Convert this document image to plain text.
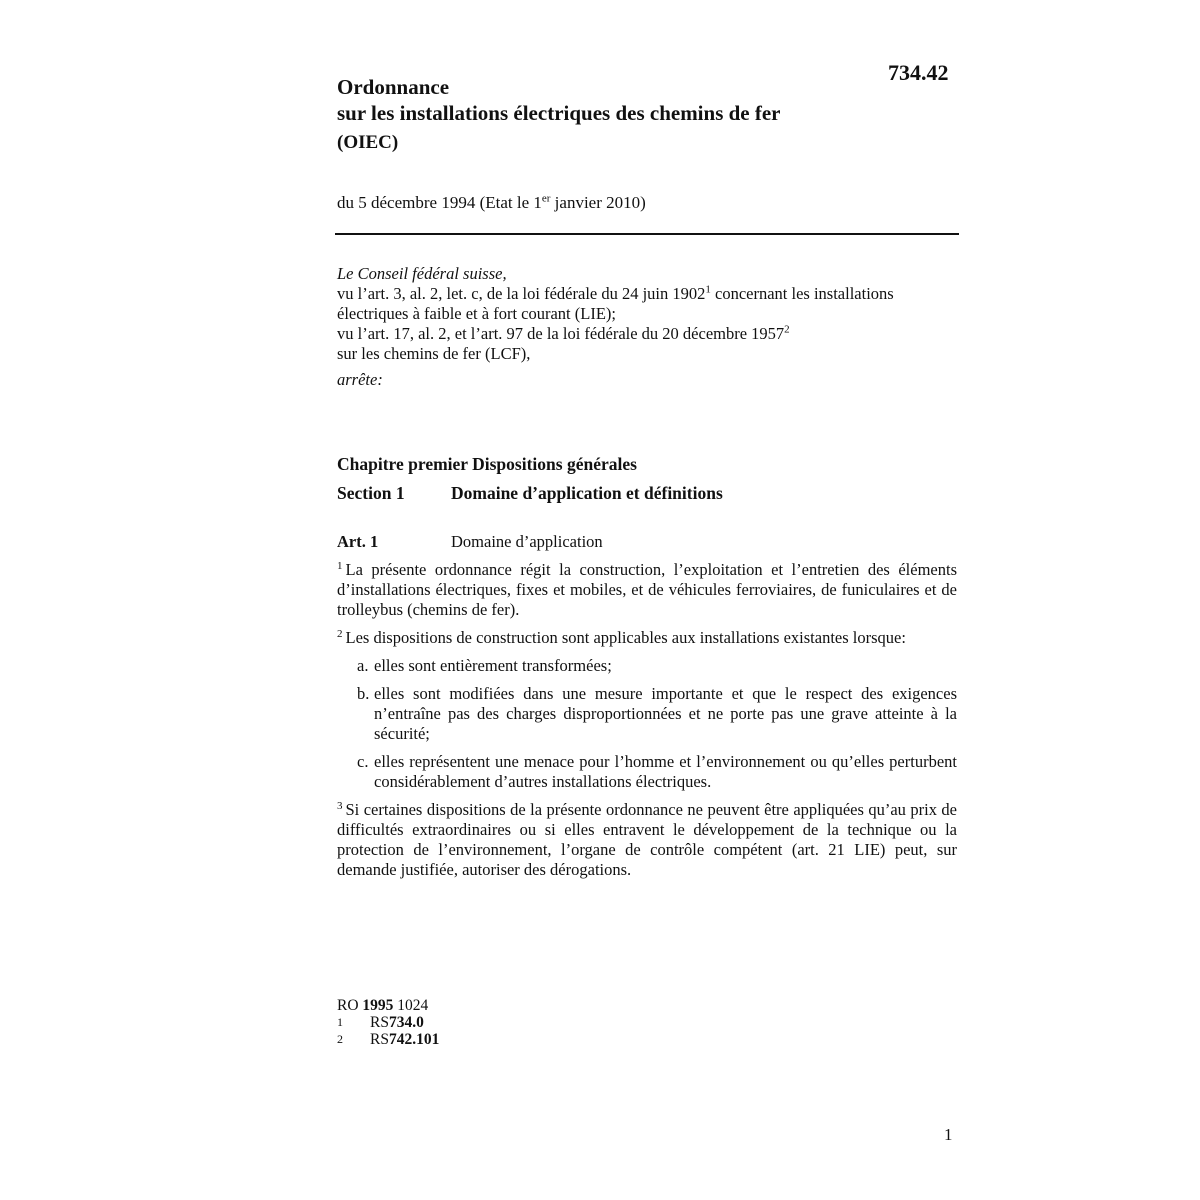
734.42
Ordonnance
sur les installations électriques des chemins de fer
(OIEC)
du 5 décembre 1994 (Etat le 1er janvier 2010)

Le Conseil fédéral suisse,

vu l’art. 3, al. 2, let. c, de la loi fédérale du 24 juin 1902$^1$ concernant les installations électriques à faible et à fort courant (LIE);

vu l’art. 17, al. 2, et l’art. 97 de la loi fédérale du 20 décembre 1957$^2$
sur les chemins de fer (LCF),

arrête:

Chapitre premier Dispositions générales
Section 1	Domaine d’application et définitions
Art. 1	Domaine d’application

$^1$ La présente ordonnance régit la construction, l’exploitation et l’entretien des éléments d’installations électriques, fixes et mobiles, et de véhicules ferroviaires, de funiculaires et de trolleybus (chemins de fer).

$^2$ Les dispositions de construction sont applicables aux installations existantes lorsque:

a. elles sont entièrement transformées;
b. elles sont modifiées dans une mesure importante et que le respect des exigences n’entraîne pas des charges disproportionnées et ne porte pas une grave atteinte à la sécurité;
c. elles représentent une menace pour l’homme et l’environnement ou qu’elles perturbent considérablement d’autres installations électriques.

$^3$ Si certaines dispositions de la présente ordonnance ne peuvent être appliquées qu’au prix de difficultés extraordinaires ou si elles entravent le développement de la technique ou la protection de l’environnement, l’organe de contrôle compétent (art. 21 LIE) peut, sur demande justifiée, autoriser des dérogations.

RO 1995 1024
1	RS 734.0
2	RS 742.101
1
